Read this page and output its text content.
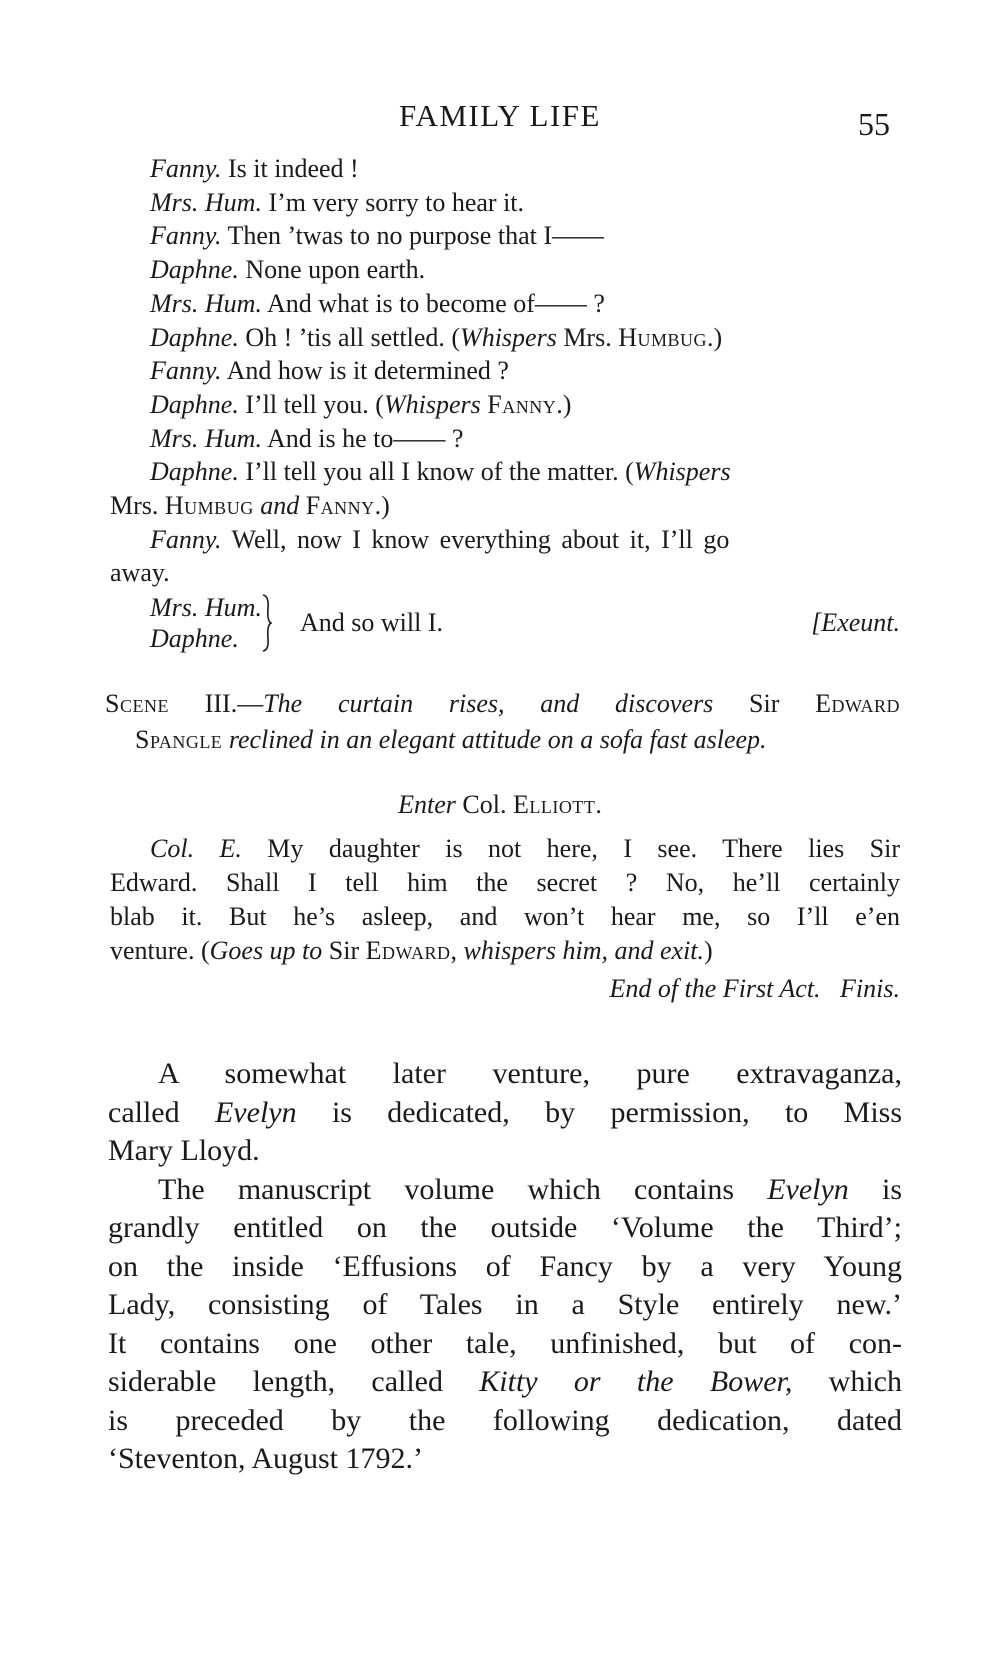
FAMILY LIFE	55
Fanny. Is it indeed !
Mrs. Hum. I’m very sorry to hear it.
Fanny. Then ’twas to no purpose that I——
Daphne. None upon earth.
Mrs. Hum. And what is to become of—— ?
Daphne. Oh ! ’tis all settled. (Whispers Mrs. Humbug.)
Fanny. And how is it determined ?
Daphne. I’ll tell you. (Whispers Fanny.)
Mrs. Hum. And is he to—— ?
Daphne. I’ll tell you all I know of the matter. (Whispers
Mrs. Humbug and Fanny.)
Fanny. Well, now I know everything about it, I’ll go
away.
Mrs. Hum.
Daphne.
And so will I.	[Exeunt.
Scene III.—The curtain rises, and discovers Sir Edward
Spangle reclined in an elegant attitude on a sofa fast asleep.
Enter Col. Elliott.
Col. E. My daughter is not here, I see. There lies Sir
Edward. Shall I tell him the secret ? No, he’ll certainly
blab it. But he’s asleep, and won’t hear me, so I’ll e’en
venture. (Goes up to Sir Edward, whispers him, and exit.)
End of the First Act.   Finis.

A somewhat later venture, pure extravaganza,
called Evelyn is dedicated, by permission, to Miss
Mary Lloyd.

The manuscript volume which contains Evelyn is
grandly entitled on the outside ‘Volume the Third’;
on the inside ‘Effusions of Fancy by a very Young
Lady, consisting of Tales in a Style entirely new.’
It contains one other tale, unfinished, but of con-
siderable length, called Kitty or the Bower, which
is preceded by the following dedication, dated
‘Steventon, August 1792.’
